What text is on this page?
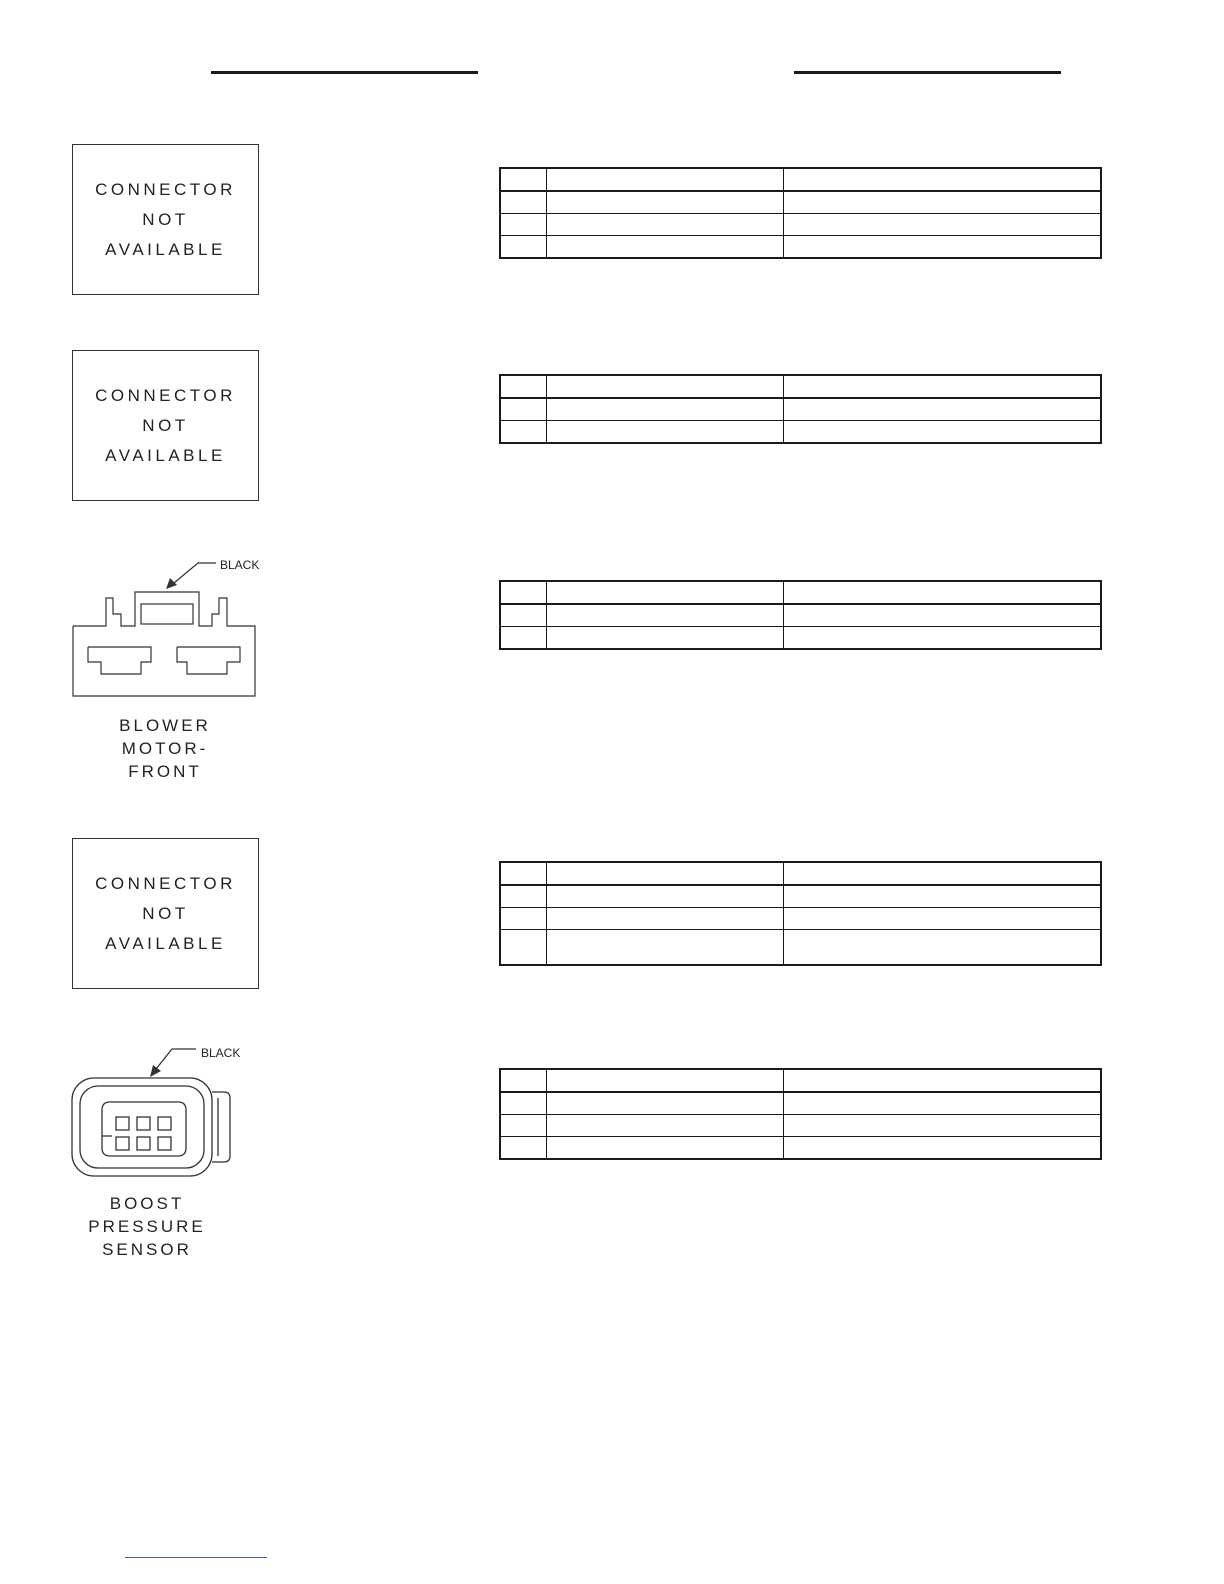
CONNECTOR
NOT
AVAILABLE

CONNECTOR
NOT
AVAILABLE

BLACK
BLOWER
MOTOR-
FRONT

CONNECTOR
NOT
AVAILABLE

BLACK
BOOST
PRESSURE
SENSOR
